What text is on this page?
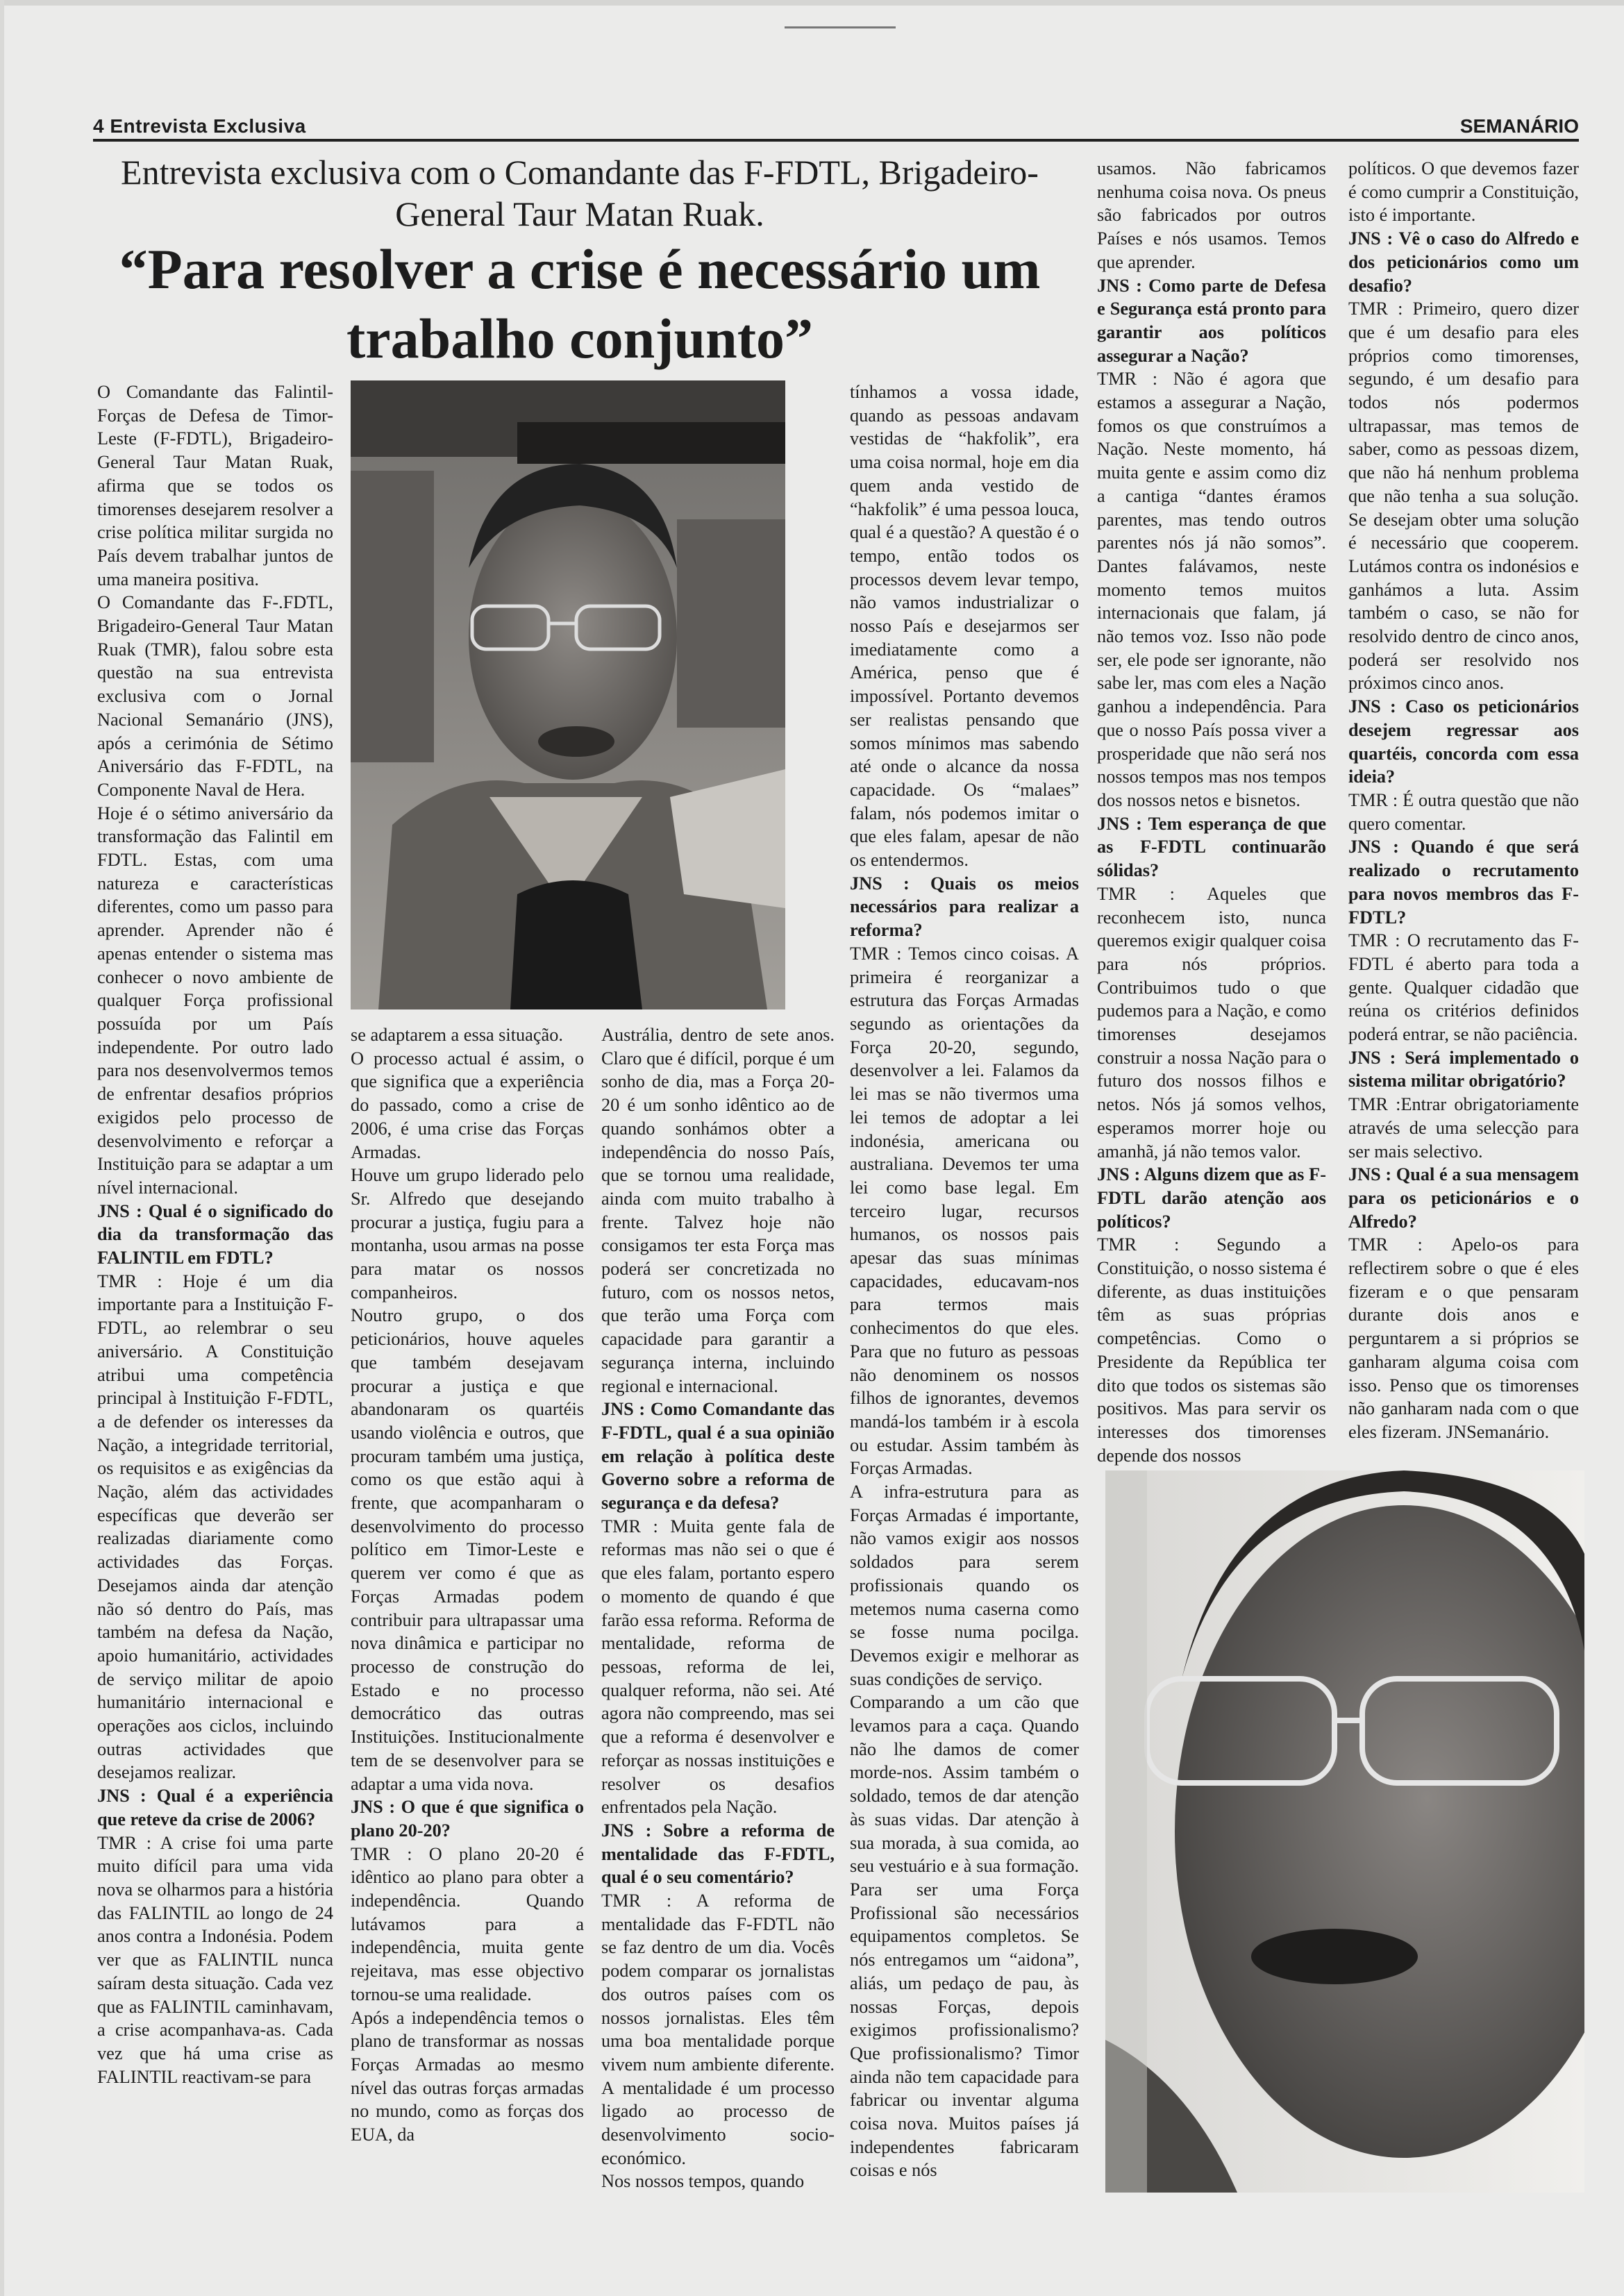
4 Entrevista Exclusiva	SEMANÁRIO
Entrevista exclusiva com o Comandante das F-FDTL, Brigadeiro-General Taur Matan Ruak.
“Para resolver a crise é necessário um trabalho conjunto”

O Comandante das Falintil-Forças de Defesa de Timor-Leste (F-FDTL), Brigadeiro-General Taur Matan Ruak, afirma que se todos os timorenses desejarem resolver a crise política militar surgida no País devem trabalhar juntos de uma maneira positiva.

O Comandante das F-.FDTL, Brigadeiro-General Taur Matan Ruak (TMR), falou sobre esta questão na sua entrevista exclusiva com o Jornal Nacional Semanário (JNS), após a cerimónia de Sétimo Aniversário das F-FDTL, na Componente Naval de Hera.

Hoje é o sétimo aniversário da transformação das Falintil em FDTL. Estas, com uma natureza e características diferentes, como um passo para aprender. Aprender não é apenas entender o sistema mas conhecer o novo ambiente de qualquer Força profissional possuída por um País independente. Por outro lado para nos desenvolvermos temos de enfrentar desafios próprios exigidos pelo processo de desenvolvimento e reforçar a Instituição para se adaptar a um nível internacional.

JNS : Qual é o significado do dia da transformação das FALINTIL em FDTL?

TMR : Hoje é um dia importante para a Instituição F-FDTL, ao relembrar o seu aniversário. A Constituição atribui uma competência principal à Instituição F-FDTL, a de defender os interesses da Nação, a integridade territorial, os requisitos e as exigências da Nação, além das actividades específicas que deverão ser realizadas diariamente como actividades das Forças. Desejamos ainda dar atenção não só dentro do País, mas também na defesa da Nação, apoio humanitário, actividades de serviço militar de apoio humanitário internacional e operações aos ciclos, incluindo outras actividades que desejamos realizar.

JNS : Qual é a experiência que reteve da crise de 2006?

TMR : A crise foi uma parte muito difícil para uma vida nova se olharmos para a história das FALINTIL ao longo de 24 anos contra a Indonésia. Podem ver que as FALINTIL nunca saíram desta situação. Cada vez que as FALINTIL caminhavam, a crise acompanhava-as. Cada vez que há uma crise as FALINTIL reactivam-se para

se adaptarem a essa situação.

O processo actual é assim, o que significa que a experiência do passado, como a crise de 2006, é uma crise das Forças Armadas.

Houve um grupo liderado pelo Sr. Alfredo que desejando procurar a justiça, fugiu para a montanha, usou armas na posse para matar os nossos companheiros.

Noutro grupo, o dos peticionários, houve aqueles que também desejavam procurar a justiça e que abandonaram os quartéis usando violência e outros, que procuram também uma justiça, como os que estão aqui à frente, que acompanharam o desenvolvimento do processo político em Timor-Leste e querem ver como é que as Forças Armadas podem contribuir para ultrapassar uma nova dinâmica e participar no processo de construção do Estado e no processo democrático das outras Instituições. Institucionalmente tem de se desenvolver para se adaptar a uma vida nova.

JNS : O que é que significa o plano 20-20?

TMR : O plano 20-20 é idêntico ao plano para obter a independência. Quando lutávamos para a independência, muita gente rejeitava, mas esse objectivo tornou-se uma realidade.

Após a independência temos o plano de transformar as nossas Forças Armadas ao mesmo nível das outras forças armadas no mundo, como as forças dos EUA, da

tínhamos a vossa idade, quando as pessoas andavam vestidas de “hakfolik”, era uma coisa normal, hoje em dia quem anda vestido de “hakfolik” é uma pessoa louca, qual é a questão? A questão é o tempo, então todos os processos devem levar tempo, não vamos industrializar o nosso País e desejarmos ser imediatamente como a América, penso que é impossível. Portanto devemos ser realistas pensando que somos mínimos mas sabendo até onde o alcance da nossa capacidade. Os “malaes” falam, nós podemos imitar o que eles falam, apesar de não os entendermos.

JNS : Quais os meios necessários para realizar a reforma?

TMR : Temos cinco coisas. A primeira é reorganizar a estrutura das Forças Armadas segundo as orientações da Força 20-20, segundo, desenvolver a lei. Falamos da lei mas se não tivermos uma lei temos de adoptar a lei indonésia, americana ou australiana. Devemos ter uma lei como base legal. Em terceiro lugar, recursos humanos, os nossos pais apesar das suas mínimas capacidades, educavam-nos para termos mais conhecimentos do que eles. Para que no futuro as pessoas não denominem os nossos filhos de ignorantes, devemos mandá-los também ir à escola ou estudar. Assim também às Forças Armadas.

A infra-estrutura para as Forças Armadas é importante, não vamos exigir aos nossos soldados para serem profissionais quando os metemos numa caserna como se fosse numa pocilga. Devemos exigir e melhorar as suas condições de serviço.

Comparando a um cão que levamos para a caça. Quando não lhe damos de comer morde-nos. Assim também o soldado, temos de dar atenção às suas vidas. Dar atenção à sua morada, à sua comida, ao seu vestuário e à sua formação. Para ser uma Força Profissional são necessários equipamentos completos. Se nós entregamos um “aidona”, aliás, um pedaço de pau, às nossas Forças, depois exigimos profissionalismo? Que profissionalismo? Timor ainda não tem capacidade para fabricar ou inventar alguma coisa nova. Muitos países já independentes fabricaram coisas e nós

Austrália, dentro de sete anos. Claro que é difícil, porque é um sonho de dia, mas a Força 20-20 é um sonho idêntico ao de quando sonhámos obter a independência do nosso País, que se tornou uma realidade, ainda com muito trabalho à frente. Talvez hoje não consigamos ter esta Força mas poderá ser concretizada no futuro, com os nossos netos, que terão uma Força com capacidade para garantir a segurança interna, incluindo regional e internacional.

JNS : Como Comandante das F-FDTL, qual é a sua opinião em relação à política deste Governo sobre a reforma de segurança e da defesa?

TMR : Muita gente fala de reformas mas não sei o que é que eles falam, portanto espero o momento de quando é que farão essa reforma. Reforma de mentalidade, reforma de pessoas, reforma de lei, qualquer reforma, não sei. Até agora não compreendo, mas sei que a reforma é desenvolver e reforçar as nossas instituições e resolver os desafios enfrentados pela Nação.

JNS : Sobre a reforma de mentalidade das F-FDTL, qual é o seu comentário?

TMR : A reforma de mentalidade das F-FDTL não se faz dentro de um dia. Vocês podem comparar os jornalistas dos outros países com os nossos jornalistas. Eles têm uma boa mentalidade porque vivem num ambiente diferente. A mentalidade é um processo ligado ao processo de desenvolvimento socio-económico.

Nos nossos tempos, quando

usamos. Não fabricamos nenhuma coisa nova. Os pneus são fabricados por outros Países e nós usamos. Temos que aprender.

JNS : Como parte de Defesa e Segurança está pronto para garantir aos políticos assegurar a Nação?

TMR : Não é agora que estamos a assegurar a Nação, fomos os que construímos a Nação. Neste momento, há muita gente e assim como diz a cantiga “dantes éramos parentes, mas tendo outros parentes nós já não somos”. Dantes falávamos, neste momento temos muitos internacionais que falam, já não temos voz. Isso não pode ser, ele pode ser ignorante, não sabe ler, mas com eles a Nação ganhou a independência. Para que o nosso País possa viver a prosperidade que não será nos nossos tempos mas nos tempos dos nossos netos e bisnetos.

JNS : Tem esperança de que as F-FDTL continuarão sólidas?

TMR : Aqueles que reconhecem isto, nunca queremos exigir qualquer coisa para nós próprios. Contribuimos tudo o que pudemos para a Nação, e como timorenses desejamos construir a nossa Nação para o futuro dos nossos filhos e netos. Nós já somos velhos, esperamos morrer hoje ou amanhã, já não temos valor.

JNS : Alguns dizem que as F-FDTL darão atenção aos políticos?

TMR : Segundo a Constituição, o nosso sistema é diferente, as duas instituições têm as suas próprias competências. Como o Presidente da República ter dito que todos os sistemas são positivos. Mas para servir os interesses dos timorenses depende dos nossos

políticos. O que devemos fazer é como cumprir a Constituição, isto é importante.

JNS : Vê o caso do Alfredo e dos peticionários como um desafio?

TMR : Primeiro, quero dizer que é um desafio para eles próprios como timorenses, segundo, é um desafio para todos nós podermos ultrapassar, mas temos de saber, como as pessoas dizem, que não há nenhum problema que não tenha a sua solução. Se desejam obter uma solução é necessário que cooperem. Lutámos contra os indonésios e ganhámos a luta. Assim também o caso, se não for resolvido dentro de cinco anos, poderá ser resolvido nos próximos cinco anos.

JNS : Caso os peticionários desejem regressar aos quartéis, concorda com essa ideia?

TMR : É outra questão que não quero comentar.

JNS : Quando é que será realizado o recrutamento para novos membros das F-FDTL?

TMR : O recrutamento das F-FDTL é aberto para toda a gente. Qualquer cidadão que reúna os critérios definidos poderá entrar, se não paciência.

JNS : Será implementado o sistema militar obrigatório?

TMR :Entrar obrigatoriamente através de uma selecção para ser mais selectivo.

JNS : Qual é a sua mensagem para os peticionários e o Alfredo?

TMR : Apelo-os para reflectirem sobre o que é eles fizeram e o que pensaram durante dois anos e perguntarem a si próprios se ganharam alguma coisa com isso. Penso que os timorenses não ganharam nada com o que eles fizeram. JNSemanário.
